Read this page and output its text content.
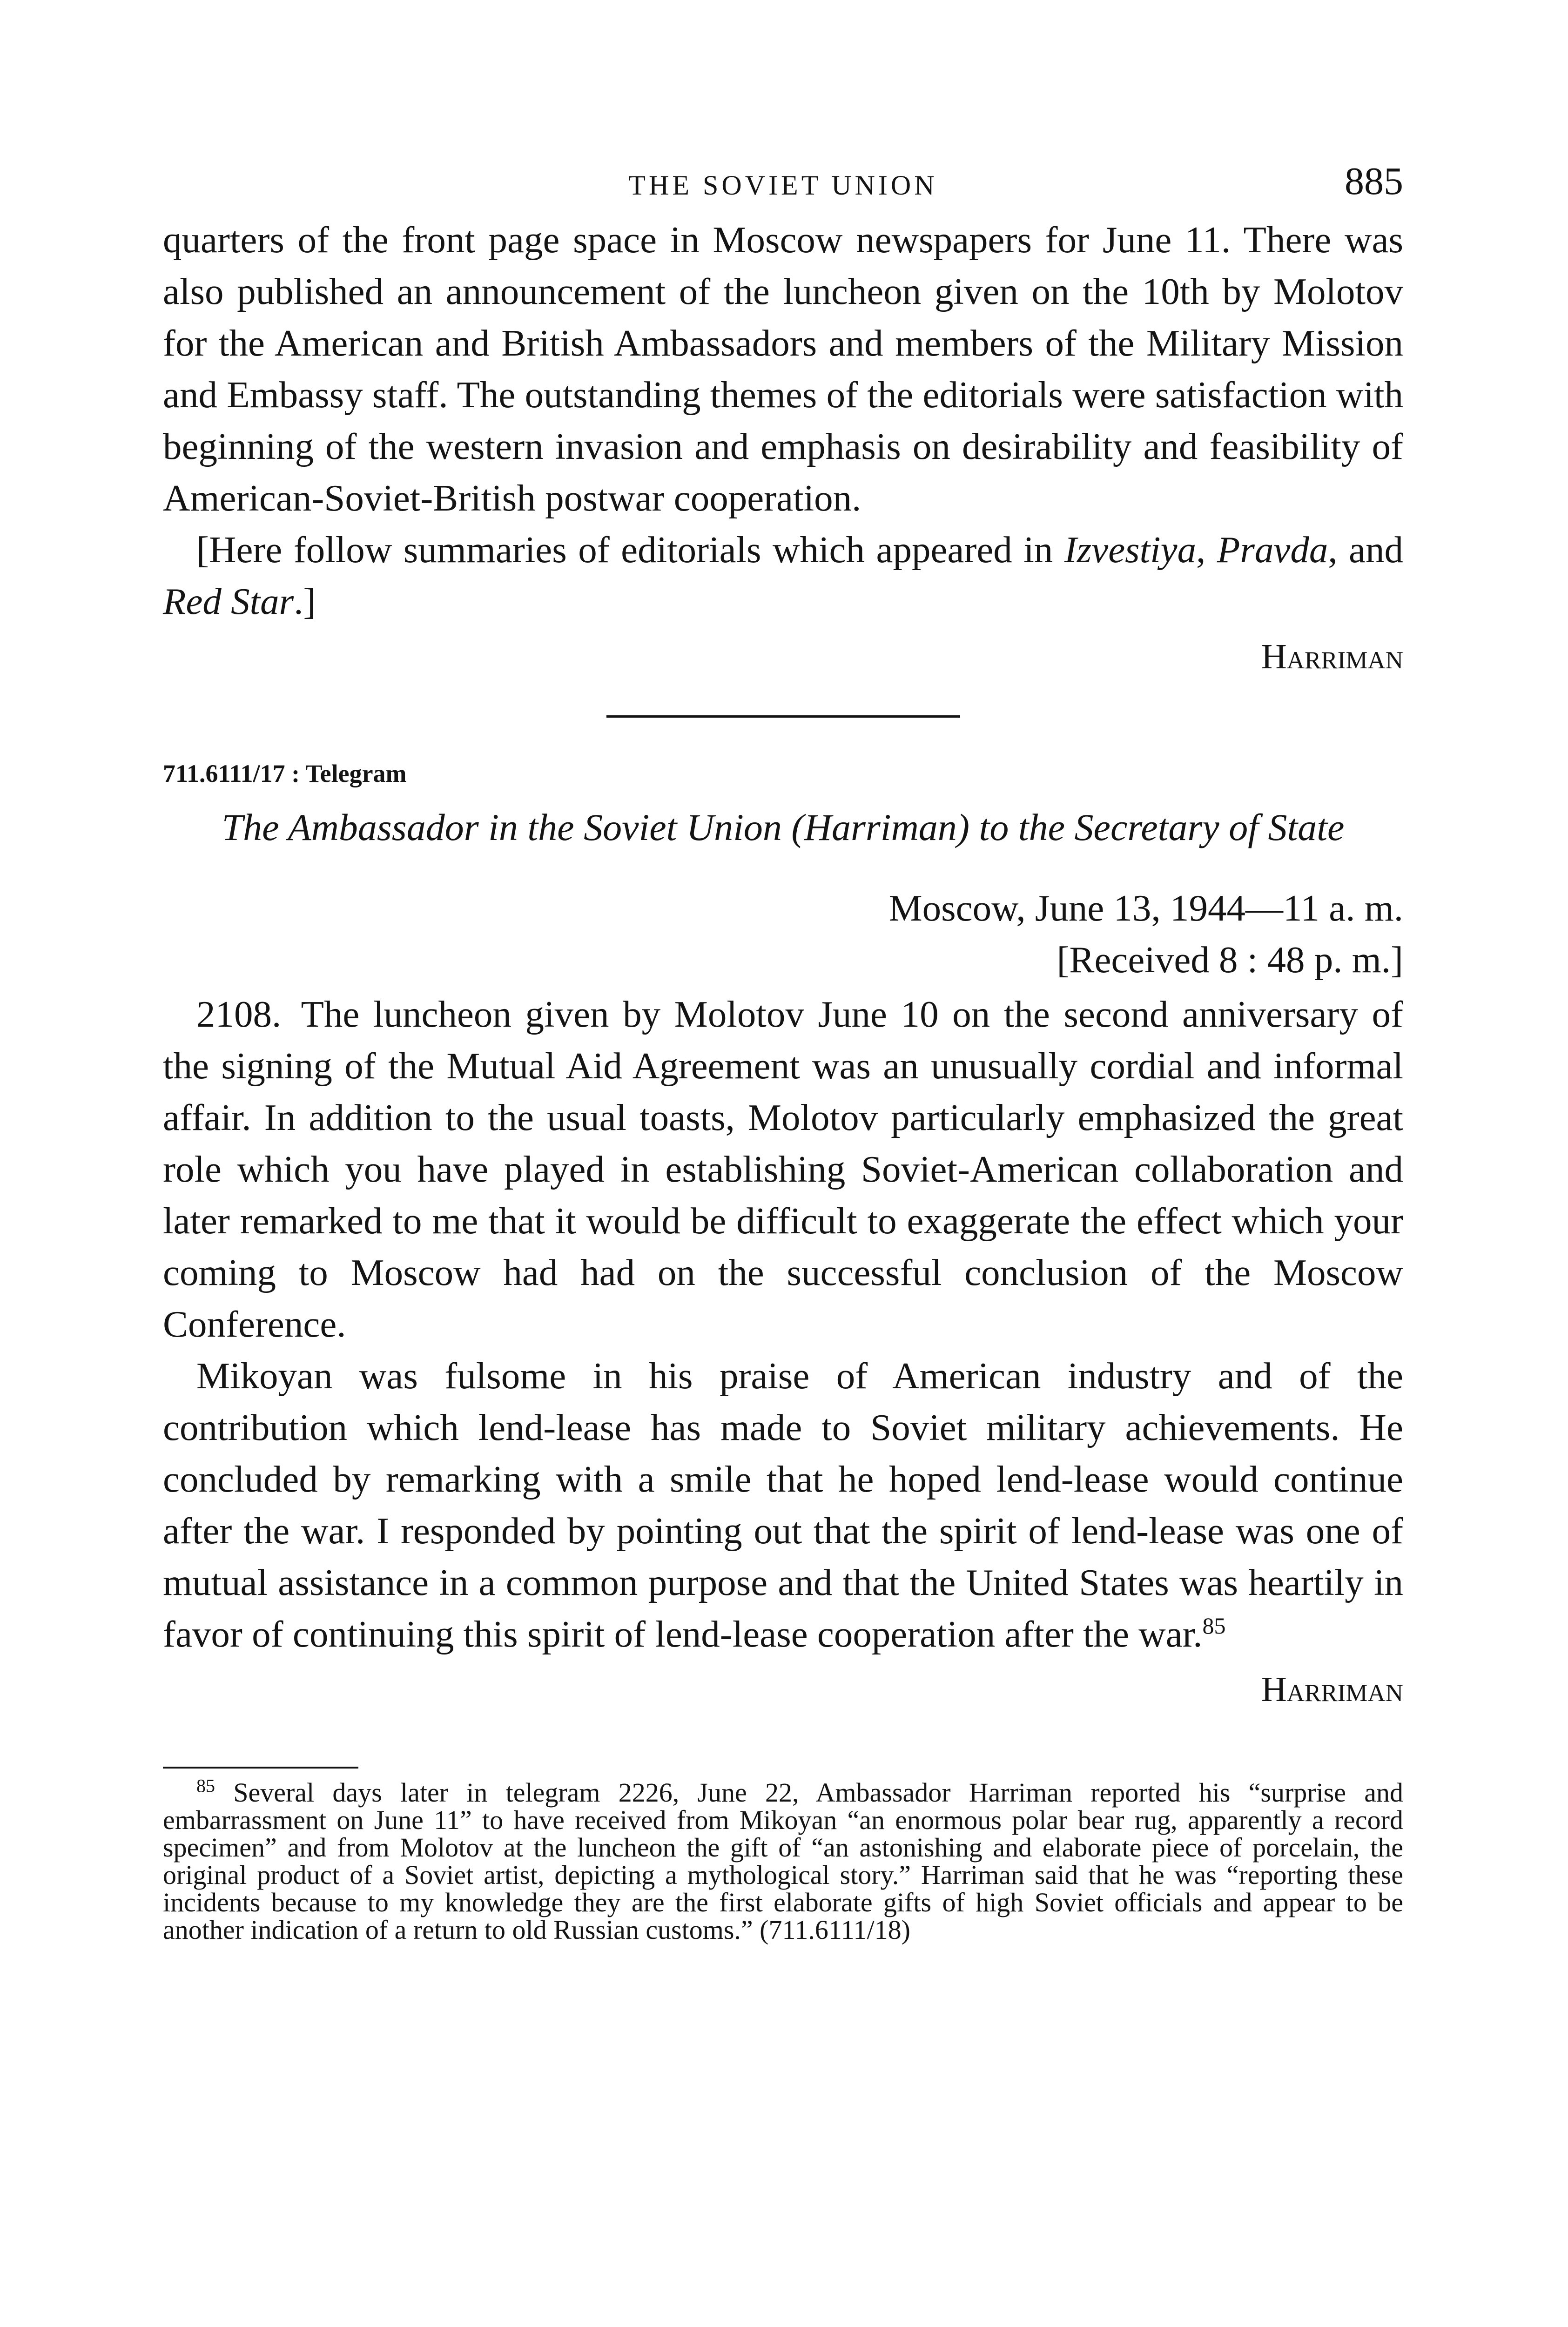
THE SOVIET UNION	885

quarters of the front page space in Moscow newspapers for June 11. There was also published an announcement of the luncheon given on the 10th by Molotov for the American and British Ambassadors and members of the Military Mission and Embassy staff. The outstanding themes of the editorials were satisfaction with beginning of the western invasion and emphasis on desirability and feasibility of American-Soviet-British postwar cooperation.

[Here follow summaries of editorials which appeared in Izvestiya, Pravda, and Red Star.]

Harriman
711.6111/17 : Telegram
The Ambassador in the Soviet Union (Harriman) to the Secretary of State
Moscow, June 13, 1944—11 a. m.
[Received 8 : 48 p. m.]

2108. The luncheon given by Molotov June 10 on the second anniversary of the signing of the Mutual Aid Agreement was an unusually cordial and informal affair. In addition to the usual toasts, Molotov particularly emphasized the great role which you have played in establishing Soviet-American collaboration and later remarked to me that it would be difficult to exaggerate the effect which your coming to Moscow had had on the successful conclusion of the Moscow Conference.

Mikoyan was fulsome in his praise of American industry and of the contribution which lend-lease has made to Soviet military achievements. He concluded by remarking with a smile that he hoped lend-lease would continue after the war. I responded by pointing out that the spirit of lend-lease was one of mutual assistance in a common purpose and that the United States was heartily in favor of continuing this spirit of lend-lease cooperation after the war.$^{85}$

Harriman

$^{85}$ Several days later in telegram 2226, June 22, Ambassador Harriman reported his “surprise and embarrassment on June 11” to have received from Mikoyan “an enormous polar bear rug, apparently a record specimen” and from Molotov at the luncheon the gift of “an astonishing and elaborate piece of porcelain, the original product of a Soviet artist, depicting a mythological story.” Harriman said that he was “reporting these incidents because to my knowledge they are the first elaborate gifts of high Soviet officials and appear to be another indication of a return to old Russian customs.” (711.6111/18)
